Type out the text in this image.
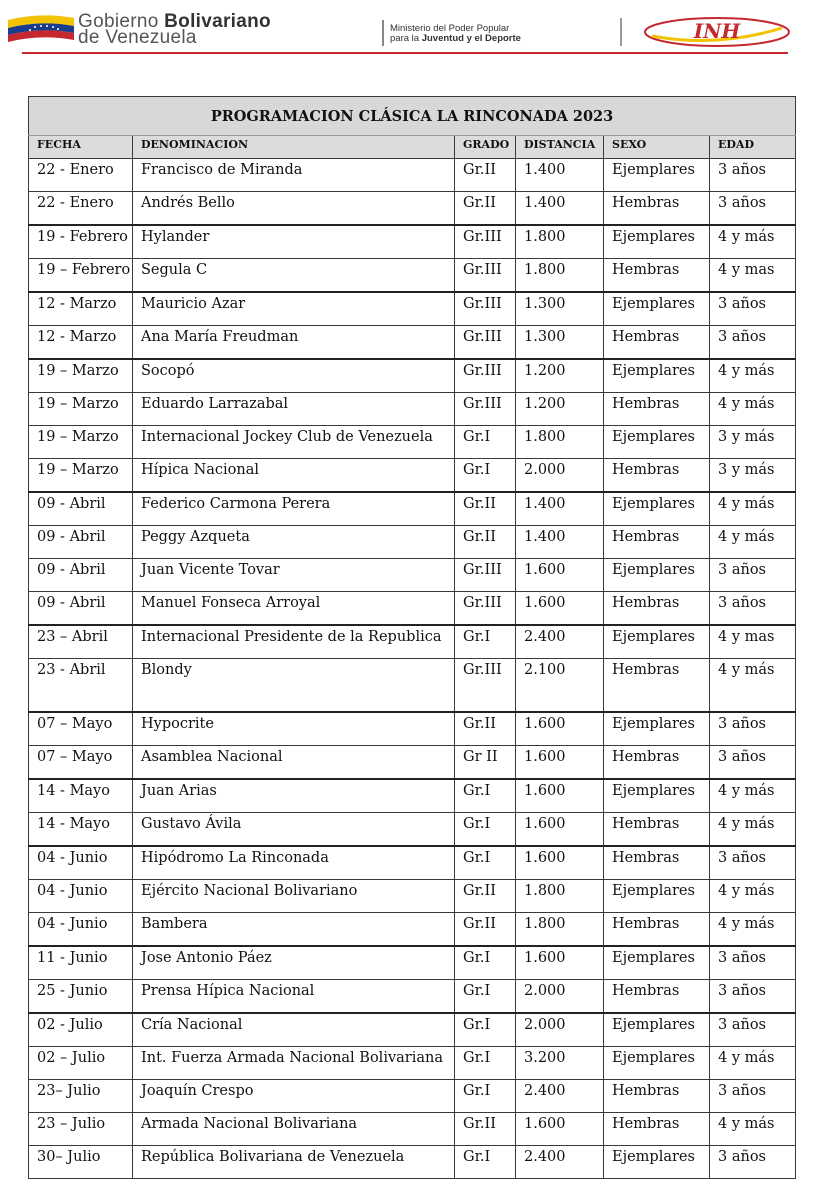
Gobierno Bolivariano
de Venezuela	Ministerio del Poder Popular
para la Juventud y el Deporte	INH
PROGRAMACION CLÁSICA LA RINCONADA 2023					
FECHA	DENOMINACION	GRADO	DISTANCIA	SEXO	EDAD
22 - Enero	Francisco de Miranda	Gr.II	1.400	Ejemplares	3 años
22 - Enero	Andrés Bello	Gr.II	1.400	Hembras	3 años
19 - Febrero	Hylander	Gr.III	1.800	Ejemplares	4 y más
19 – Febrero	Segula C	Gr.III	1.800	Hembras	4 y mas
12 - Marzo	Mauricio Azar	Gr.III	1.300	Ejemplares	3 años
12 - Marzo	Ana María Freudman	Gr.III	1.300	Hembras	3 años
19 – Marzo	Socopó	Gr.III	1.200	Ejemplares	4 y más
19 – Marzo	Eduardo Larrazabal	Gr.III	1.200	Hembras	4 y más
19 – Marzo	Internacional Jockey Club de Venezuela	Gr.I	1.800	Ejemplares	3 y más
19 – Marzo	Hípica Nacional	Gr.I	2.000	Hembras	3 y más
09 - Abril	Federico Carmona Perera	Gr.II	1.400	Ejemplares	4 y más
09 - Abril	Peggy Azqueta	Gr.II	1.400	Hembras	4 y más
09 - Abril	Juan Vicente Tovar	Gr.III	1.600	Ejemplares	3 años
09 - Abril	Manuel Fonseca Arroyal	Gr.III	1.600	Hembras	3 años
23 – Abril	Internacional Presidente de la Republica	Gr.I	2.400	Ejemplares	4 y mas
23 - Abril	Blondy	Gr.III	2.100	Hembras	4 y más
07 – Mayo	Hypocrite	Gr.II	1.600	Ejemplares	3 años
07 – Mayo	Asamblea Nacional	Gr II	1.600	Hembras	3 años
14 - Mayo	Juan Arias	Gr.I	1.600	Ejemplares	4 y más
14 - Mayo	Gustavo Ávila	Gr.I	1.600	Hembras	4 y más
04 - Junio	Hipódromo La Rinconada	Gr.I	1.600	Hembras	3 años
04 - Junio	Ejército Nacional Bolivariano	Gr.II	1.800	Ejemplares	4 y más
04 - Junio	Bambera	Gr.II	1.800	Hembras	4 y más
11 - Junio	Jose Antonio Páez	Gr.I	1.600	Ejemplares	3 años
25 - Junio	Prensa Hípica Nacional	Gr.I	2.000	Hembras	3 años
02 - Julio	Cría Nacional	Gr.I	2.000	Ejemplares	3 años
02 – Julio	Int. Fuerza Armada Nacional Bolivariana	Gr.I	3.200	Ejemplares	4 y más
23– Julio	Joaquín Crespo	Gr.I	2.400	Hembras	3 años
23 – Julio	Armada Nacional Bolivariana	Gr.II	1.600	Hembras	4 y más
30– Julio	República Bolivariana de Venezuela	Gr.I	2.400	Ejemplares	3 años
